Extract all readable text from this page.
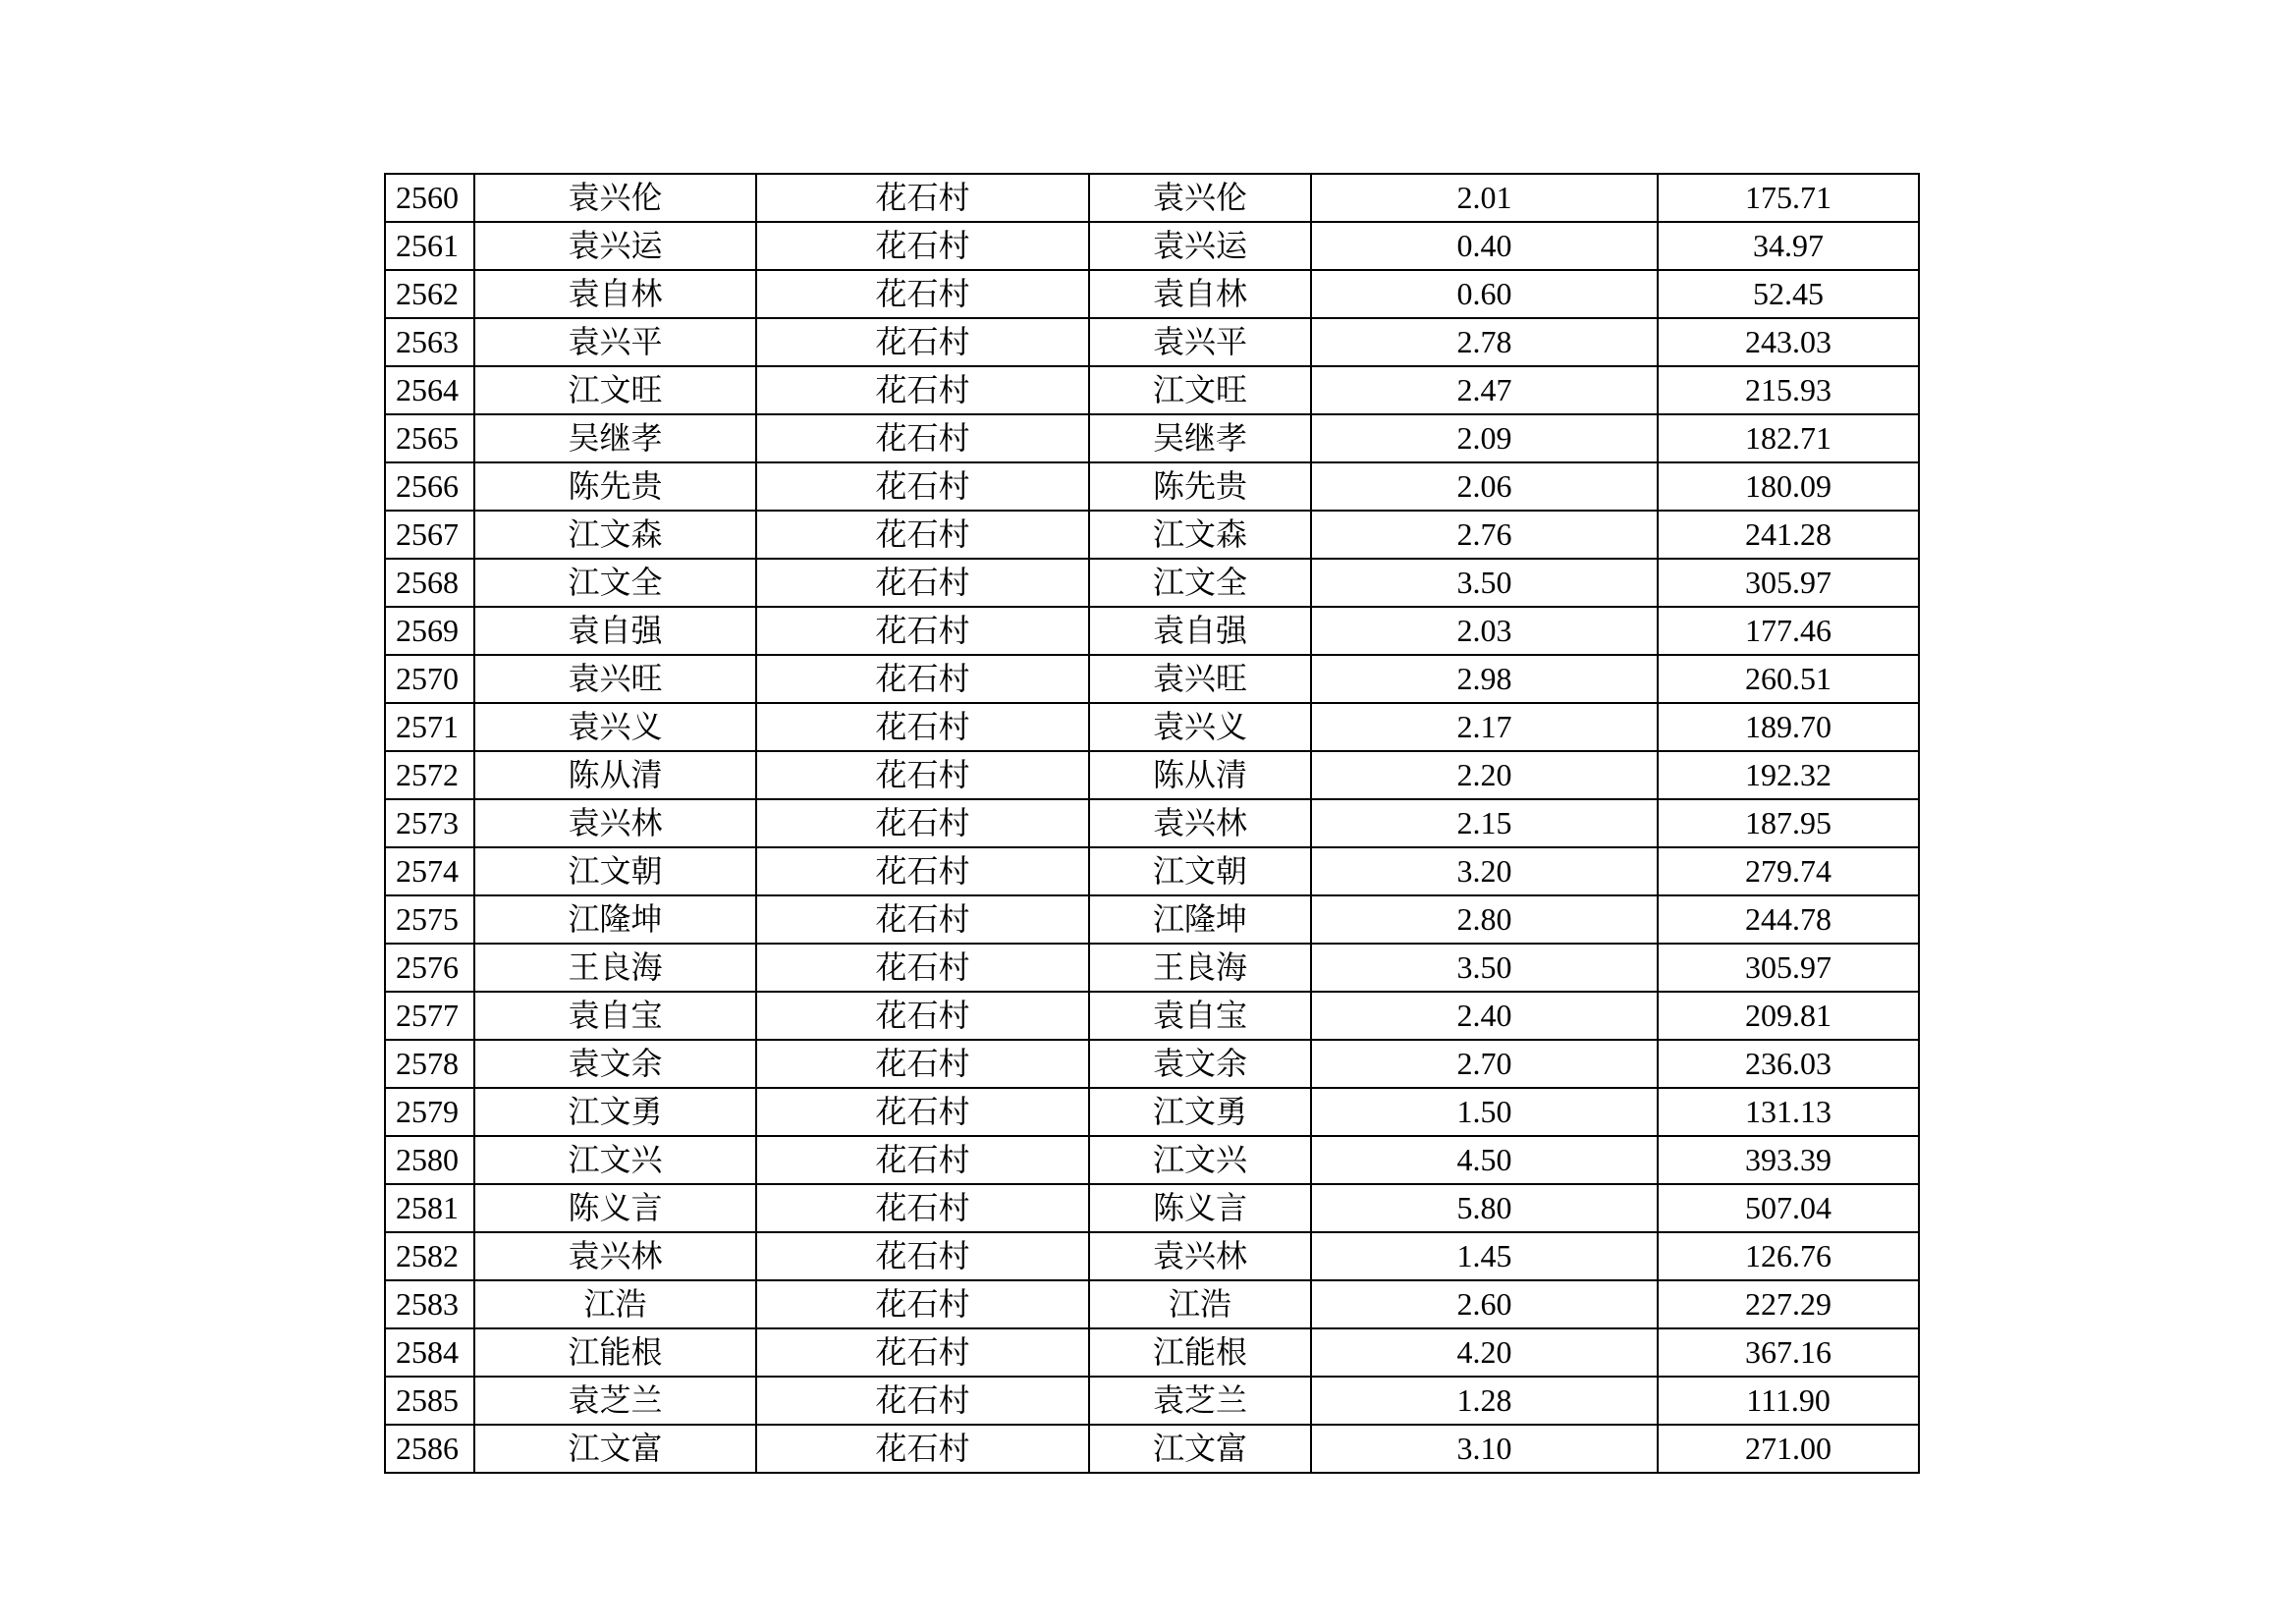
2560	袁兴伦	花石村	袁兴伦	2.01	175.71
2561	袁兴运	花石村	袁兴运	0.40	34.97
2562	袁自林	花石村	袁自林	0.60	52.45
2563	袁兴平	花石村	袁兴平	2.78	243.03
2564	江文旺	花石村	江文旺	2.47	215.93
2565	吴继孝	花石村	吴继孝	2.09	182.71
2566	陈先贵	花石村	陈先贵	2.06	180.09
2567	江文森	花石村	江文森	2.76	241.28
2568	江文全	花石村	江文全	3.50	305.97
2569	袁自强	花石村	袁自强	2.03	177.46
2570	袁兴旺	花石村	袁兴旺	2.98	260.51
2571	袁兴义	花石村	袁兴义	2.17	189.70
2572	陈从清	花石村	陈从清	2.20	192.32
2573	袁兴林	花石村	袁兴林	2.15	187.95
2574	江文朝	花石村	江文朝	3.20	279.74
2575	江隆坤	花石村	江隆坤	2.80	244.78
2576	王良海	花石村	王良海	3.50	305.97
2577	袁自宝	花石村	袁自宝	2.40	209.81
2578	袁文余	花石村	袁文余	2.70	236.03
2579	江文勇	花石村	江文勇	1.50	131.13
2580	江文兴	花石村	江文兴	4.50	393.39
2581	陈义言	花石村	陈义言	5.80	507.04
2582	袁兴林	花石村	袁兴林	1.45	126.76
2583	江浩	花石村	江浩	2.60	227.29
2584	江能根	花石村	江能根	4.20	367.16
2585	袁芝兰	花石村	袁芝兰	1.28	111.90
2586	江文富	花石村	江文富	3.10	271.00
